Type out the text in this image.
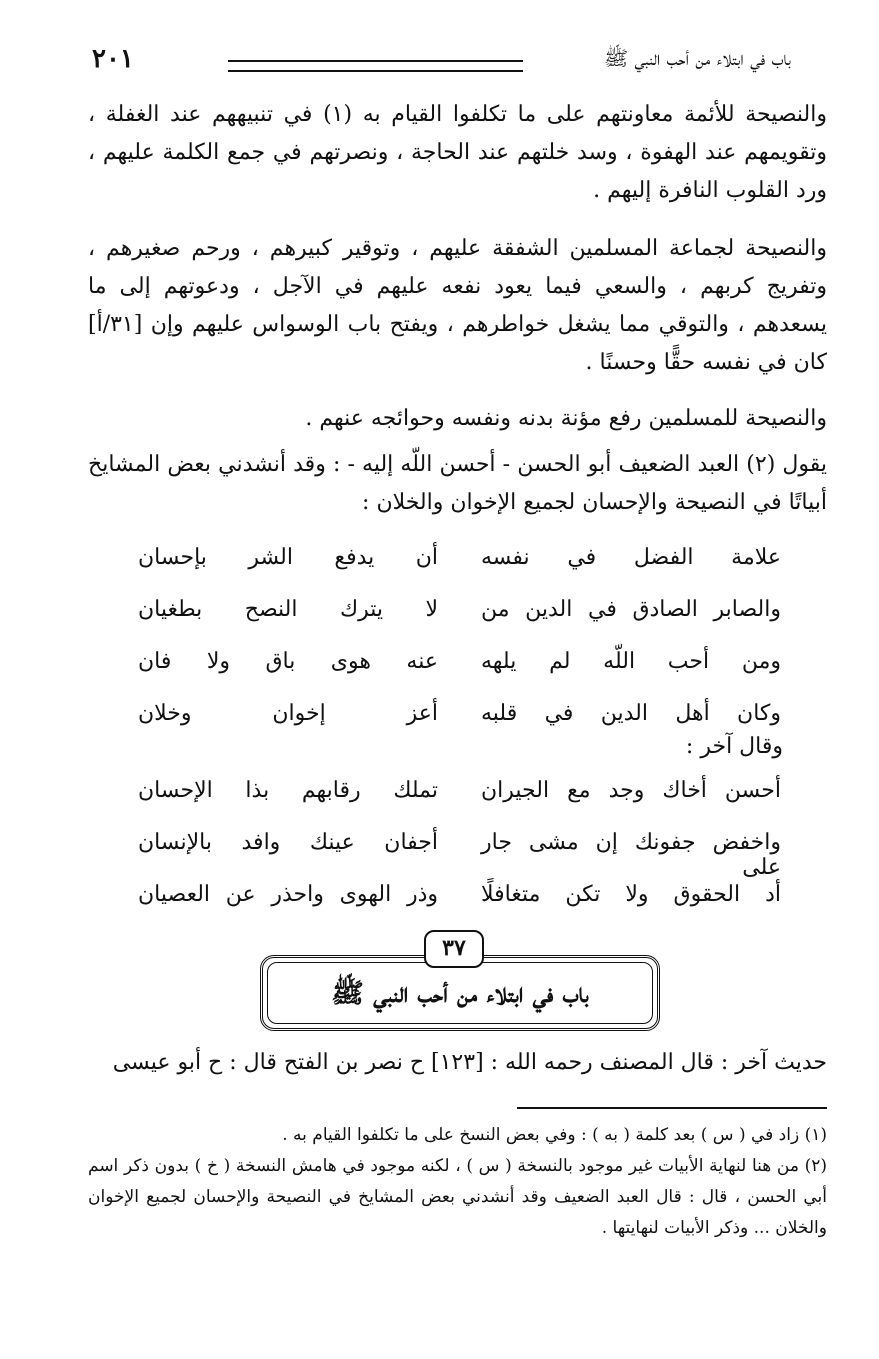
٢٠١	باب في ابتلاء من أحب النبي ﷺ

والنصيحة للأئمة معاونتهم على ما تكلفوا القيام به (١) في تنبيههم عند الغفلة ، وتقويمهم عند الهفوة ، وسد خلتهم عند الحاجة ، ونصرتهم في جمع الكلمة عليهم ، ورد القلوب النافرة إليهم .

والنصيحة لجماعة المسلمين الشفقة عليهم ، وتوقير كبيرهم ، ورحم صغيرهم ، وتفريج كربهم ، والسعي فيما يعود نفعه عليهم في الآجل ، ودعوتهم إلى ما يسعدهم ، والتوقي مما يشغل خواطرهم ، ويفتح باب الوسواس عليهم وإن [٣١/أ] كان في نفسه حقًّا وحسنًا .

والنصيحة للمسلمين رفع مؤنة بدنه ونفسه وحوائجه عنهم .

يقول (٢) العبد الضعيف أبو الحسن - أحسن اللّه إليه - : وقد أنشدني بعض المشايخ أبياتًا في النصيحة والإحسان لجميع الإخوان والخلان :

علامة الفضل في نفسه
أن يدفع الشر بإحسان
والصابر الصادق في الدين من
لا يترك النصح بطغيان
ومن أحب اللّه لم يلهه
عنه هوى باق ولا فان
وكان أهل الدين في قلبه
أعز إخوان وخلان
وقال آخر :
أحسن أخاك وجد مع الجيران
تملك رقابهم بذا الإحسان
واخفض جفونك إن مشى جار على
أجفان عينك وافد بالإنسان
أد الحقوق ولا تكن متغافلًا
وذر الهوى واحذر عن العصيان
باب في ابتلاء من أحب النبي ﷺ
٣٧

حديث آخر : قال المصنف رحمه الله : [١٢٣] ح نصر بن الفتح قال : ح أبو عيسى

(١) زاد في ( س ) بعد كلمة ( به ) : وفي بعض النسخ على ما تكلفوا القيام به .

(٢) من هنا لنهاية الأبيات غير موجود بالنسخة ( س ) ، لكنه موجود في هامش النسخة ( خ ) بدون ذكر اسم أبي الحسن ، قال : قال العبد الضعيف وقد أنشدني بعض المشايخ في النصيحة والإحسان لجميع الإخوان والخلان ... وذكر الأبيات لنهايتها .
